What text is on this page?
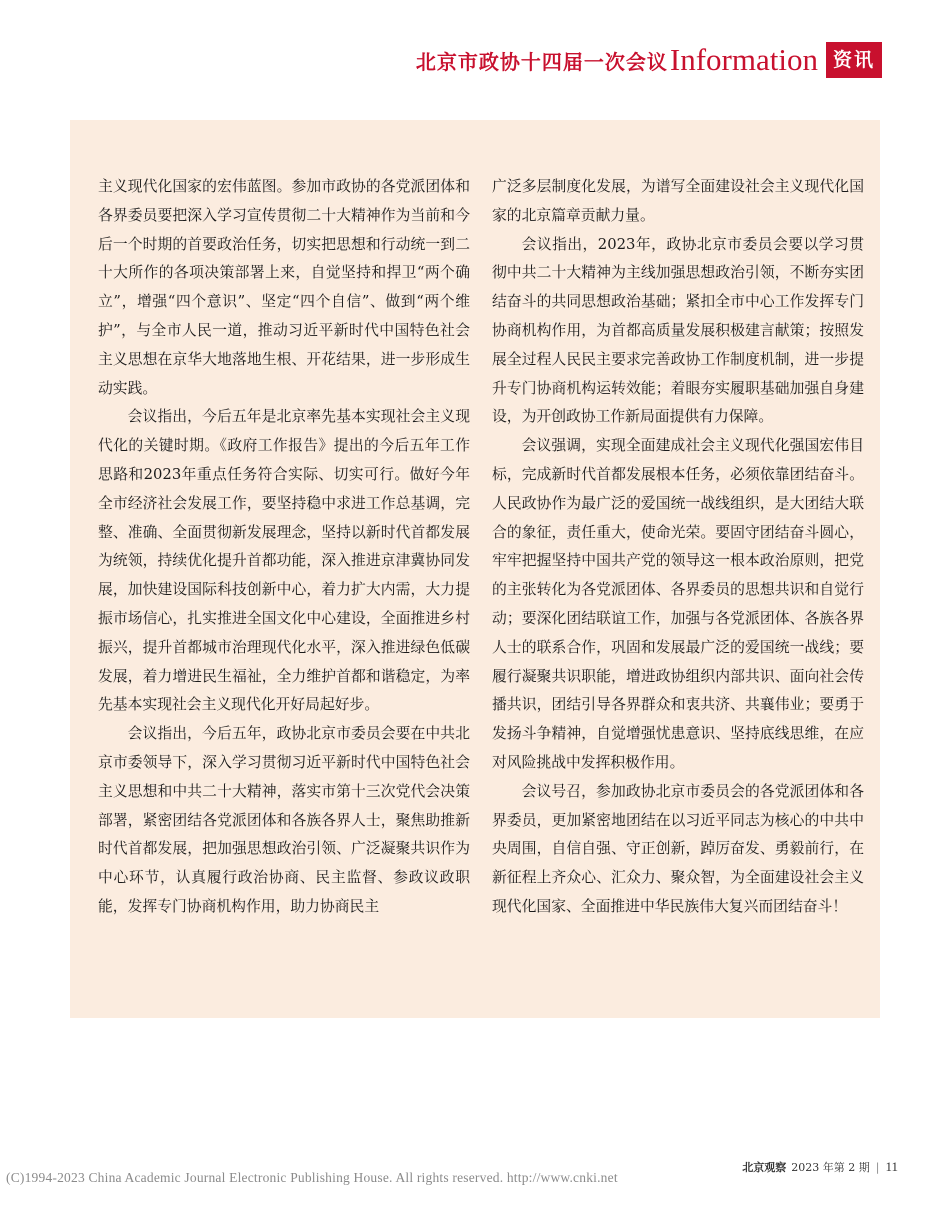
北京市政协十四届一次会议 Information 资讯

主义现代化国家的宏伟蓝图。参加市政协的各党派团体和各界委员要把深入学习宣传贯彻二十大精神作为当前和今后一个时期的首要政治任务，切实把思想和行动统一到二十大所作的各项决策部署上来，自觉坚持和捍卫“两个确立”，增强“四个意识”、坚定“四个自信”、做到“两个维护”，与全市人民一道，推动习近平新时代中国特色社会主义思想在京华大地落地生根、开花结果，进一步形成生动实践。

会议指出，今后五年是北京率先基本实现社会主义现代化的关键时期。《政府工作报告》提出的今后五年工作思路和2023年重点任务符合实际、切实可行。做好今年全市经济社会发展工作，要坚持稳中求进工作总基调，完整、准确、全面贯彻新发展理念，坚持以新时代首都发展为统领，持续优化提升首都功能，深入推进京津冀协同发展，加快建设国际科技创新中心，着力扩大内需，大力提振市场信心，扎实推进全国文化中心建设，全面推进乡村振兴，提升首都城市治理现代化水平，深入推进绿色低碳发展，着力增进民生福祉，全力维护首都和谐稳定，为率先基本实现社会主义现代化开好局起好步。

会议指出，今后五年，政协北京市委员会要在中共北京市委领导下，深入学习贯彻习近平新时代中国特色社会主义思想和中共二十大精神，落实市第十三次党代会决策部署，紧密团结各党派团体和各族各界人士，聚焦助推新时代首都发展，把加强思想政治引领、广泛凝聚共识作为中心环节，认真履行政治协商、民主监督、参政议政职能，发挥专门协商机构作用，助力协商民主

广泛多层制度化发展，为谱写全面建设社会主义现代化国家的北京篇章贡献力量。

会议指出，2023年，政协北京市委员会要以学习贯彻中共二十大精神为主线加强思想政治引领，不断夯实团结奋斗的共同思想政治基础；紧扣全市中心工作发挥专门协商机构作用，为首都高质量发展积极建言献策；按照发展全过程人民民主要求完善政协工作制度机制，进一步提升专门协商机构运转效能；着眼夯实履职基础加强自身建设，为开创政协工作新局面提供有力保障。

会议强调，实现全面建成社会主义现代化强国宏伟目标，完成新时代首都发展根本任务，必须依靠团结奋斗。人民政协作为最广泛的爱国统一战线组织，是大团结大联合的象征，责任重大，使命光荣。要固守团结奋斗圆心，牢牢把握坚持中国共产党的领导这一根本政治原则，把党的主张转化为各党派团体、各界委员的思想共识和自觉行动；要深化团结联谊工作，加强与各党派团体、各族各界人士的联系合作，巩固和发展最广泛的爱国统一战线；要履行凝聚共识职能，增进政协组织内部共识、面向社会传播共识，团结引导各界群众和衷共济、共襄伟业；要勇于发扬斗争精神，自觉增强忧患意识、坚持底线思维，在应对风险挑战中发挥积极作用。

会议号召，参加政协北京市委员会的各党派团体和各界委员，更加紧密地团结在以习近平同志为核心的中共中央周围，自信自强、守正创新，踔厉奋发、勇毅前行，在新征程上齐众心、汇众力、聚众智，为全面建设社会主义现代化国家、全面推进中华民族伟大复兴而团结奋斗！

(C)1994-2023 China Academic Journal Electronic Publishing House. All rights reserved. http://www.cnki.net
北京观察 2023 年第 2 期 | 11
